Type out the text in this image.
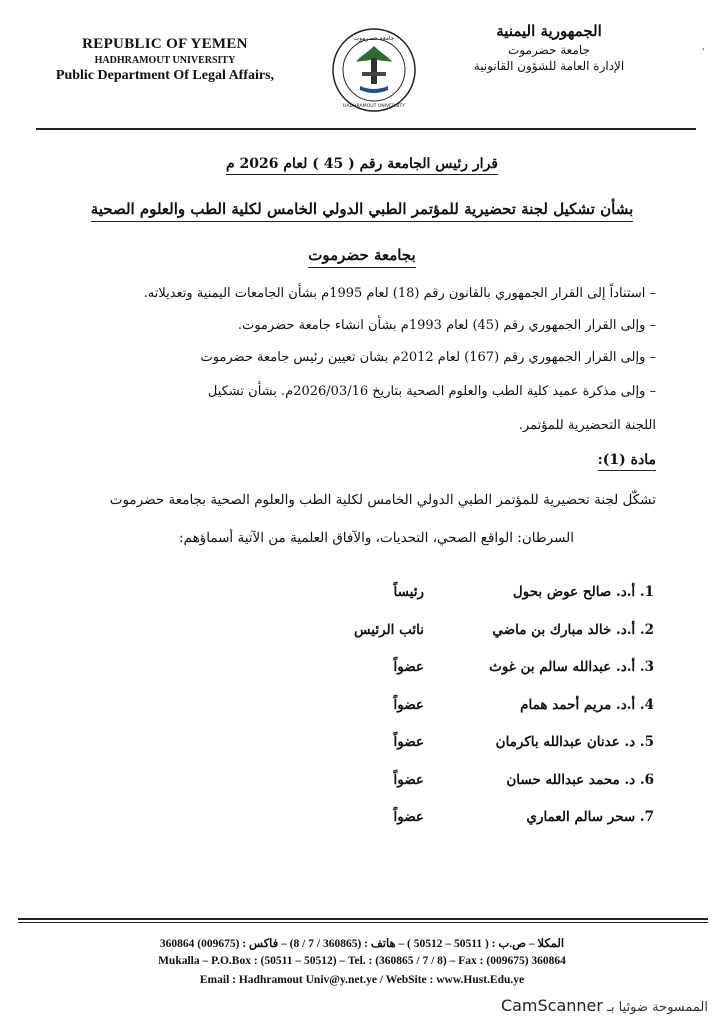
REPUBLIC OF YEMEN
HADHRAMOUT UNIVERSITY
Public Department Of Legal Affairs,
جامعة حضرموت
HADHRAMOUT UNIVERSITY
الجمهورية اليمنية
جامعة حضرموت
الإدارة العامة للشؤون القانونية
٠
قرار رئيس الجامعة رقم ( 45 ) لعام 2026 م
بشأن تشكيل لجنة تحضيرية للمؤتمر الطبي الدولي الخامس لكلية الطب والعلوم الصحية
بجامعة حضرموت
– استناداً إلى القرار الجمهوري بالقانون رقم (18) لعام 1995م بشأن الجامعات اليمنية وتعديلاته.
– وإلى القرار الجمهوري رقم (45) لعام 1993م بشأن انشاء جامعة حضرموت.
– وإلى القرار الجمهوري رقم (167) لعام 2012م بشان تعيين رئيس جامعة حضرموت
– وإلى مذكرة عميد كلية الطب والعلوم الصحية بتاريخ 2026/03/16م. بشأن تشكيل
اللجنة التحضيرية للمؤتمر.
مادة (1):
تشكّل لجنة تحضيرية للمؤتمر الطبي الدولي الخامس لكلية الطب والعلوم الصحية بجامعة حضرموت
السرطان: الواقع الصحي، التحديات، والآفاق العلمية من الآتية أسماؤهم:
1. أ.د. صالح عوض بحول
رئيساً
2. أ.د. خالد مبارك بن ماضي
نائب الرئيس
3. أ.د. عبدالله سالم بن غوث
عضواً
4. أ.د. مريم أحمد همام
عضواً
5. د. عدنان عبدالله باكرمان
عضواً
6. د. محمد عبدالله حسان
عضواً
7. سحر سالم العماري
عضواً
المكلا – ص.ب : ( 50511 – 50512 ) – هاتف : (360865 / 7 / 8) – فاكس : (009675) 360864
Mukalla – P.O.Box : (50511 – 50512) – Tel. : (360865 / 7 / 8) – Fax : (009675) 360864
Email : Hadhramout Univ@y.net.ye / WebSite : www.Hust.Edu.ye
الممسوحة ضوئيا بـ CamScanner
